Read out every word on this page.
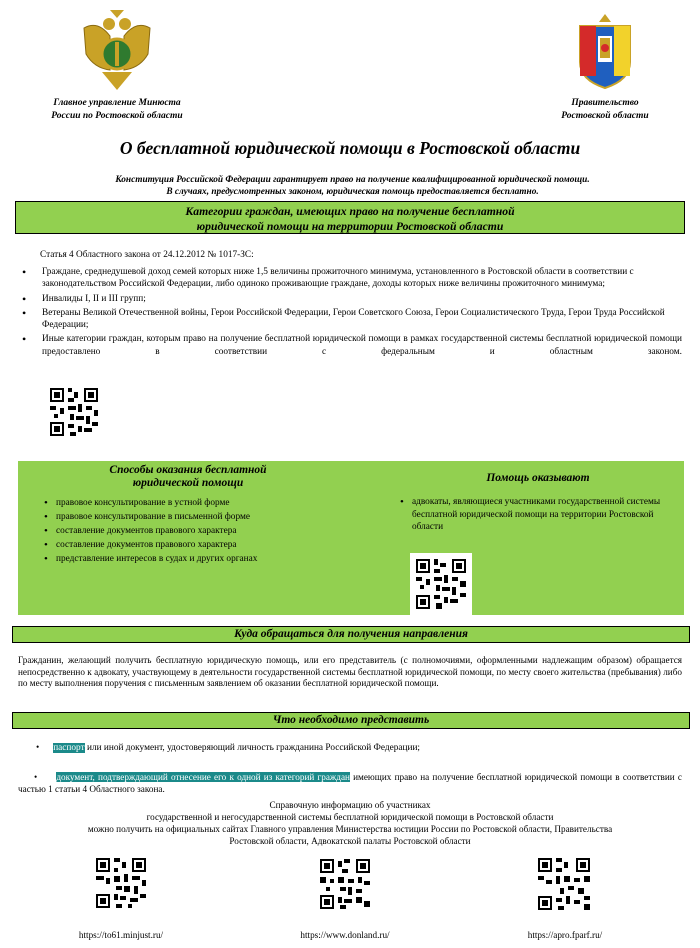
Главное управление Минюста
России по Ростовской области
Правительство
Ростовской области
О бесплатной юридической помощи в Ростовской области
Конституция Российской Федерации гарантирует право на получение квалифицированной юридической помощи.
В случаях, предусмотренных законом, юридическая помощь предоставляется бесплатно.
Категории граждан, имеющих право на получение бесплатной
юридической помощи на территории Ростовской области
Статья 4 Областного закона от 24.12.2012 № 1017-ЗС:
• Граждане, среднедушевой доход семей которых ниже 1,5 величины прожиточного минимума, установленного в Ростовской области в соответствии с законодательством Российской Федерации, либо одиноко проживающие граждане, доходы которых ниже величины прожиточного минимума;
• Инвалиды I, II и III групп;
• Ветераны Великой Отечественной войны, Герои Российской Федерации, Герои Советского Союза, Герои Социалистического Труда, Герои Труда Российской Федерации;
• Иные категории граждан, которым право на получение бесплатной юридической помощи в рамках государственной системы бесплатной юридической помощи предоставлено в соответствии с федеральным и областным законом.
Способы оказания бесплатной
юридической помощи
• правовое консультирование в устной форме
• правовое консультирование в письменной форме
• составление документов правового характера
• составление документов правового характера
• представление интересов в судах и других органах
Помощь оказывают
• адвокаты, являющиеся участниками государственной системы бесплатной юридической помощи на территории Ростовской области
Куда обращаться для получения направления
Гражданин, желающий получить бесплатную юридическую помощь, или его представитель (с полномочиями, оформленными надлежащим образом) обращается непосредственно к адвокату, участвующему в деятельности государственной системы бесплатной юридической помощи, по месту своего жительства (пребывания) либо по месту выполнения поручения с письменным заявлением об оказании бесплатной юридической помощи.
Что необходимо представить
•      паспорт или иной документ, удостоверяющий личность гражданина Российской Федерации;
•      документ, подтверждающий отнесение его к одной из категорий граждан имеющих право на получение бесплатной юридической помощи в соответствии с частью 1 статьи 4 Областного закона.
Справочную информацию об участниках
государственной и негосударственной системы бесплатной юридической помощи в Ростовской области
можно получить на официальных сайтах Главного управления Министерства юстиции России по Ростовской области, Правительства
Ростовской области, Адвокатской палаты Ростовской области
https://to61.minjust.ru/	https://www.donland.ru/	https://apro.fparf.ru/
